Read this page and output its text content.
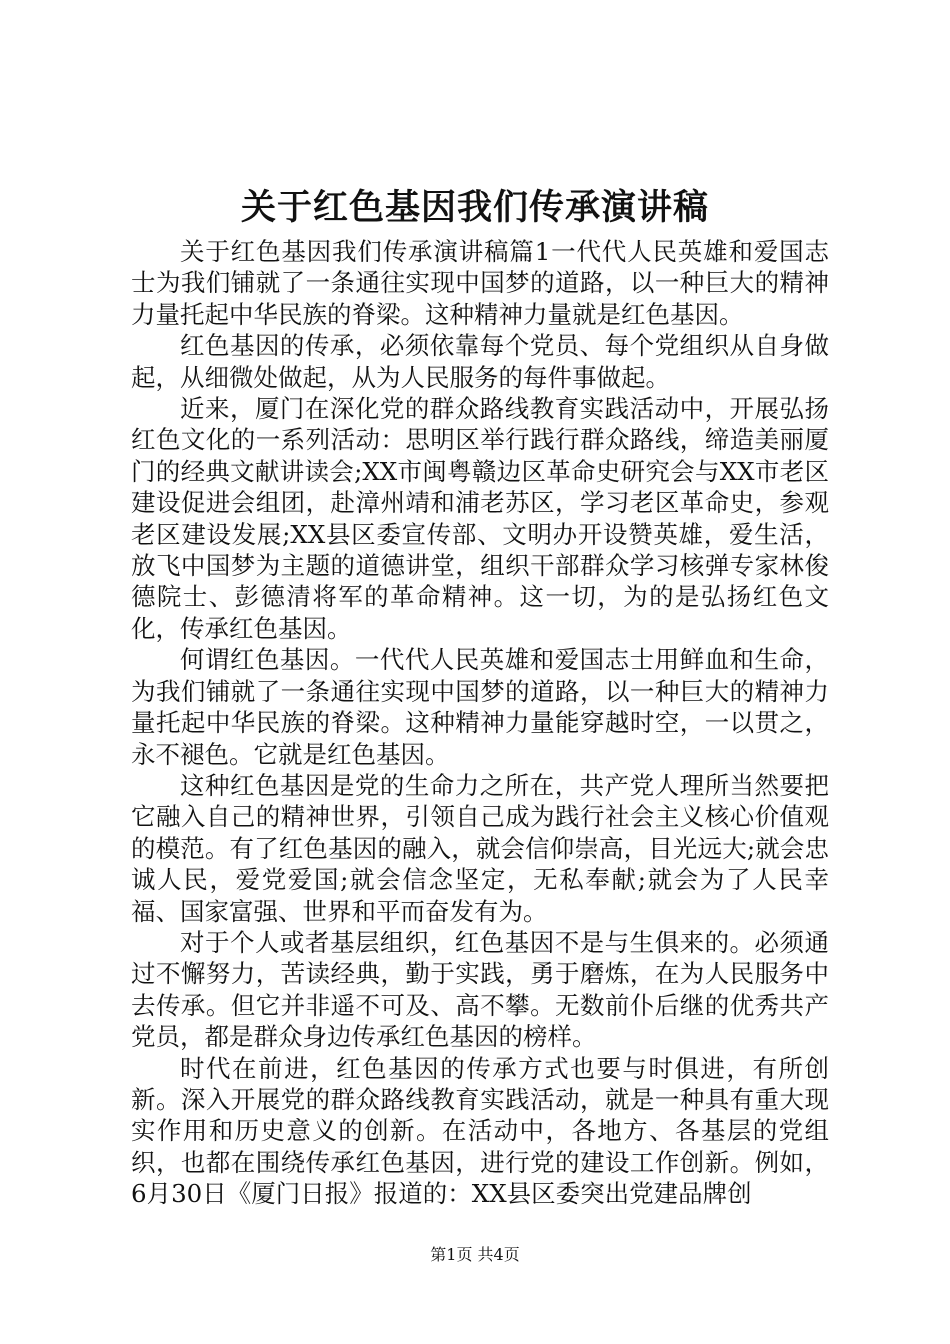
关于红色基因我们传承演讲稿

关于红色基因我们传承演讲稿篇1一代代人民英雄和爱国志士为我们铺就了一条通往实现中国梦的道路，以一种巨大的精神力量托起中华民族的脊梁。这种精神力量就是红色基因。

红色基因的传承，必须依靠每个党员、每个党组织从自身做起，从细微处做起，从为人民服务的每件事做起。

近来，厦门在深化党的群众路线教育实践活动中，开展弘扬红色文化的一系列活动：思明区举行践行群众路线，缔造美丽厦门的经典文献讲读会;XX市闽粤赣边区革命史研究会与XX市老区建设促进会组团，赴漳州靖和浦老苏区，学习老区革命史，参观老区建设发展;XX县区委宣传部、文明办开设赞英雄，爱生活，放飞中国梦为主题的道德讲堂，组织干部群众学习核弹专家林俊德院士、彭德清将军的革命精神。这一切，为的是弘扬红色文化，传承红色基因。

何谓红色基因。一代代人民英雄和爱国志士用鲜血和生命，为我们铺就了一条通往实现中国梦的道路，以一种巨大的精神力量托起中华民族的脊梁。这种精神力量能穿越时空，一以贯之，永不褪色。它就是红色基因。

这种红色基因是党的生命力之所在，共产党人理所当然要把它融入自己的精神世界，引领自己成为践行社会主义核心价值观的模范。有了红色基因的融入，就会信仰崇高，目光远大;就会忠诚人民，爱党爱国;就会信念坚定，无私奉献;就会为了人民幸福、国家富强、世界和平而奋发有为。

对于个人或者基层组织，红色基因不是与生俱来的。必须通过不懈努力，苦读经典，勤于实践，勇于磨炼，在为人民服务中去传承。但它并非遥不可及、高不攀。无数前仆后继的优秀共产党员，都是群众身边传承红色基因的榜样。

时代在前进，红色基因的传承方式也要与时俱进，有所创新。深入开展党的群众路线教育实践活动，就是一种具有重大现实作用和历史意义的创新。在活动中，各地方、各基层的党组织，也都在围绕传承红色基因，进行党的建设工作创新。例如，6月30日《厦门日报》报道的：XX县区委突出党建品牌创

第1页 共4页
